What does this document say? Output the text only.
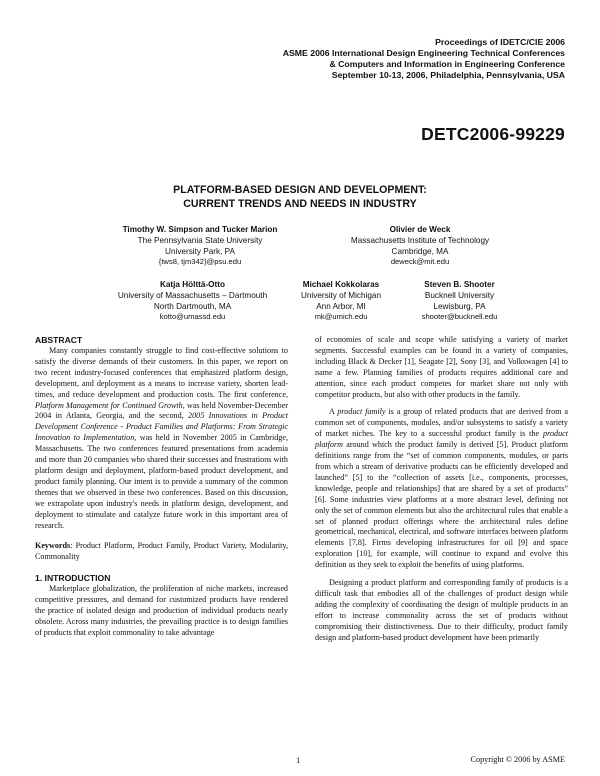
Proceedings of IDETC/CIE 2006
ASME 2006 International Design Engineering Technical Conferences
& Computers and Information in Engineering Conference
September 10-13, 2006, Philadelphia, Pennsylvania, USA
DETC2006-99229
PLATFORM-BASED DESIGN AND DEVELOPMENT:
CURRENT TRENDS AND NEEDS IN INDUSTRY
Timothy W. Simpson and Tucker Marion
The Pennsylvania State University
University Park, PA
{tws8, tjm342}@psu.edu
Olivier de Weck
Massachusetts Institute of Technology
Cambridge, MA
deweck@mit.edu
Katja Hölttä-Otto
University of Massachusetts – Dartmouth
North Dartmouth, MA
kotto@umassd.edu
Michael Kokkolaras
University of Michigan
Ann Arbor, MI
mk@umich.edu
Steven B. Shooter
Bucknell University
Lewisburg, PA
shooter@bucknell.edu
ABSTRACT

Many companies constantly struggle to find cost-effective solutions to satisfy the diverse demands of their customers. In this paper, we report on two recent industry-focused conferences that emphasized platform design, development, and deployment as a means to increase variety, shorten lead-times, and reduce development and production costs. The first conference, Platform Management for Continued Growth, was held November-December 2004 in Atlanta, Georgia, and the second, 2005 Innovations in Product Development Conference - Product Families and Platforms: From Strategic Innovation to Implementation, was held in November 2005 in Cambridge, Massachusetts. The two conferences featured presentations from academia and more than 20 companies who shared their successes and frustrations with platform design and deployment, platform-based product development, and product family planning. Our intent is to provide a summary of the common themes that we observed in these two conferences. Based on this discussion, we extrapolate upon industry's needs in platform design, development, and deployment to stimulate and catalyze future work in this important area of research.

Keywords: Product Platform, Product Family, Product Variety, Modularity, Commonality

1. INTRODUCTION

Marketplace globalization, the proliferation of niche markets, increased competitive pressures, and demand for customized products have rendered the practice of isolated design and production of individual products nearly obsolete. Across many industries, the prevailing practice is to design families of products that exploit commonality to take advantage

of economies of scale and scope while satisfying a variety of market segments. Successful examples can be found in a variety of companies, including Black & Decker [1], Seagate [2], Sony [3], and Volkswagen [4] to name a few. Planning families of products requires additional care and attention, since each product competes for market share not only with competitor products, but also with other products in the family.

A product family is a group of related products that are derived from a common set of components, modules, and/or subsystems to satisfy a variety of market niches. The key to a successful product family is the product platform around which the product family is derived [5]. Product platform definitions range from the “set of common components, modules, or parts from which a stream of derivative products can be efficiently developed and launched” [5] to the “collection of assets [i.e., components, processes, knowledge, people and relationships] that are shared by a set of products” [6]. Some industries view platforms at a more abstract level, defining not only the set of common elements but also the architectural rules that enable a set of planned product offerings where the architectural rules define geometrical, mechanical, electrical, and software interfaces between platform elements [7,8]. Firms developing infrastructures for oil [9] and space exploration [10], for example, will continue to expand and evolve this definition as they seek to exploit the benefits of using platforms.

Designing a product platform and corresponding family of products is a difficult task that embodies all of the challenges of product design while adding the complexity of coordinating the design of multiple products in an effort to increase commonality across the set of products without compromising their distinctiveness. Due to their difficulty, product family design and platform-based product development have been primarily

1	Copyright © 2006 by ASME
